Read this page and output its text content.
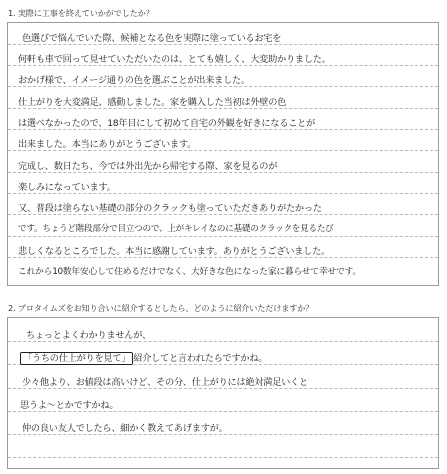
1. 実際に工事を終えていかがでしたか？
色選びで悩んでいた際、候補となる色を実際に塗っているお宅を
何軒も車で回って見せていただいたのは、とても嬉しく、大変助かりました。
おかげ様で、イメージ通りの色を選ぶことが出来ました。
仕上がりを大変満足、感動しました。家を購入した当初は外壁の色
は選べなかったので、18年目にして初めて自宅の外観を好きになることが
出来ました。本当にありがとうございます。
完成し、数日たち、今では外出先から帰宅する際、家を見るのが
楽しみになっています。
又、普段は塗らない基礎の部分のクラックも塗っていただきありがたかった
です。ちょうど階段部分で目立つので、上がキレイなのに基礎のクラックを見るたび
悲しくなるところでした。本当に感謝しています。ありがとうございました。
これから10数年安心して住めるだけでなく、大好きな色になった家に暮らせて幸せです。
2. プロタイムズをお知り合いに紹介するとしたら、どのように紹介いただけますか？
ちょっとよくわかりませんが、
「うちの仕上がりを見て」 紹介してと言われたらですかね。
少々他より、お値段は高いけど、その分、仕上がりには絶対満足いくと
思うよ～とかですかね。
仲の良い友人でしたら、細かく教えてあげますが。
